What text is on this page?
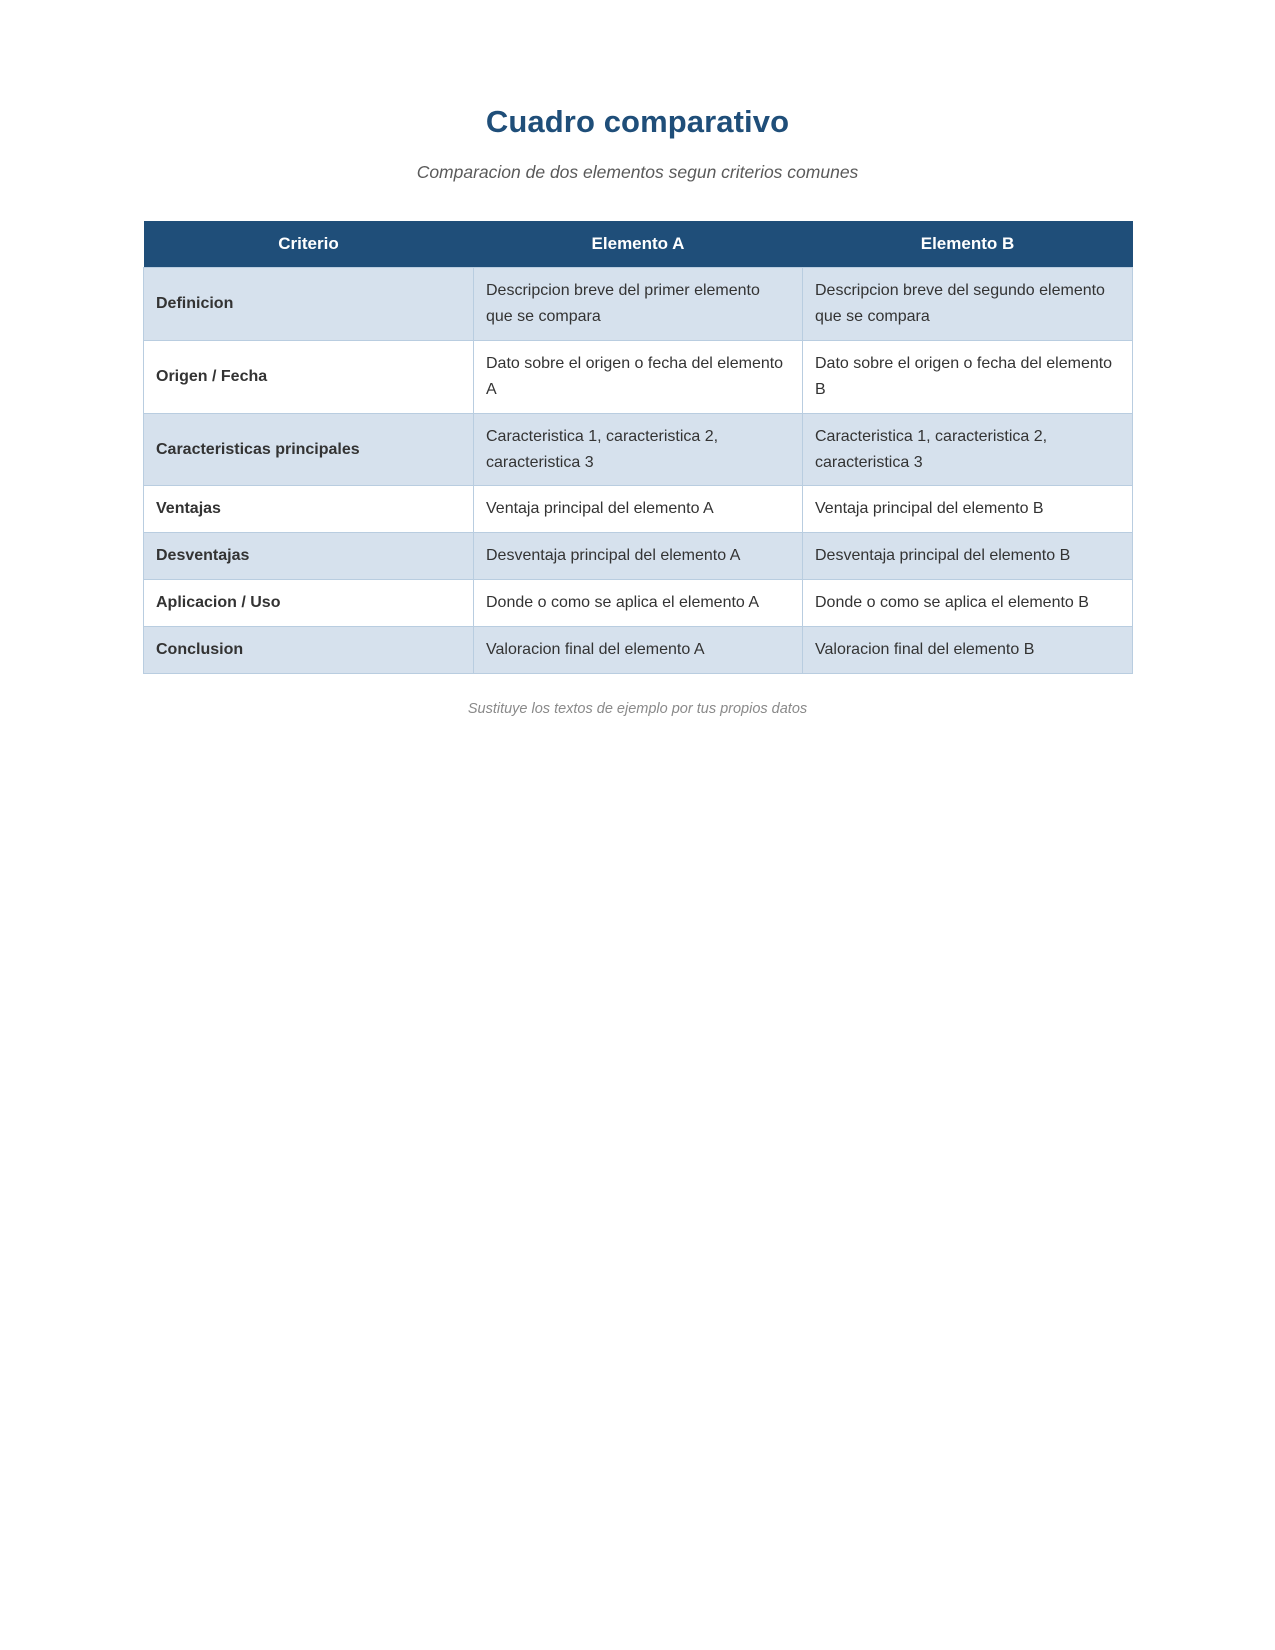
Cuadro comparativo

Comparacion de dos elementos segun criterios comunes

Criterio	Elemento A	Elemento B
Definicion	Descripcion breve del primer elemento que se compara	Descripcion breve del segundo elemento que se compara
Origen / Fecha	Dato sobre el origen o fecha del elemento A	Dato sobre el origen o fecha del elemento B
Caracteristicas principales	Caracteristica 1, caracteristica 2, caracteristica 3	Caracteristica 1, caracteristica 2, caracteristica 3
Ventajas	Ventaja principal del elemento A	Ventaja principal del elemento B
Desventajas	Desventaja principal del elemento A	Desventaja principal del elemento B
Aplicacion / Uso	Donde o como se aplica el elemento A	Donde o como se aplica el elemento B
Conclusion	Valoracion final del elemento A	Valoracion final del elemento B

Sustituye los textos de ejemplo por tus propios datos
